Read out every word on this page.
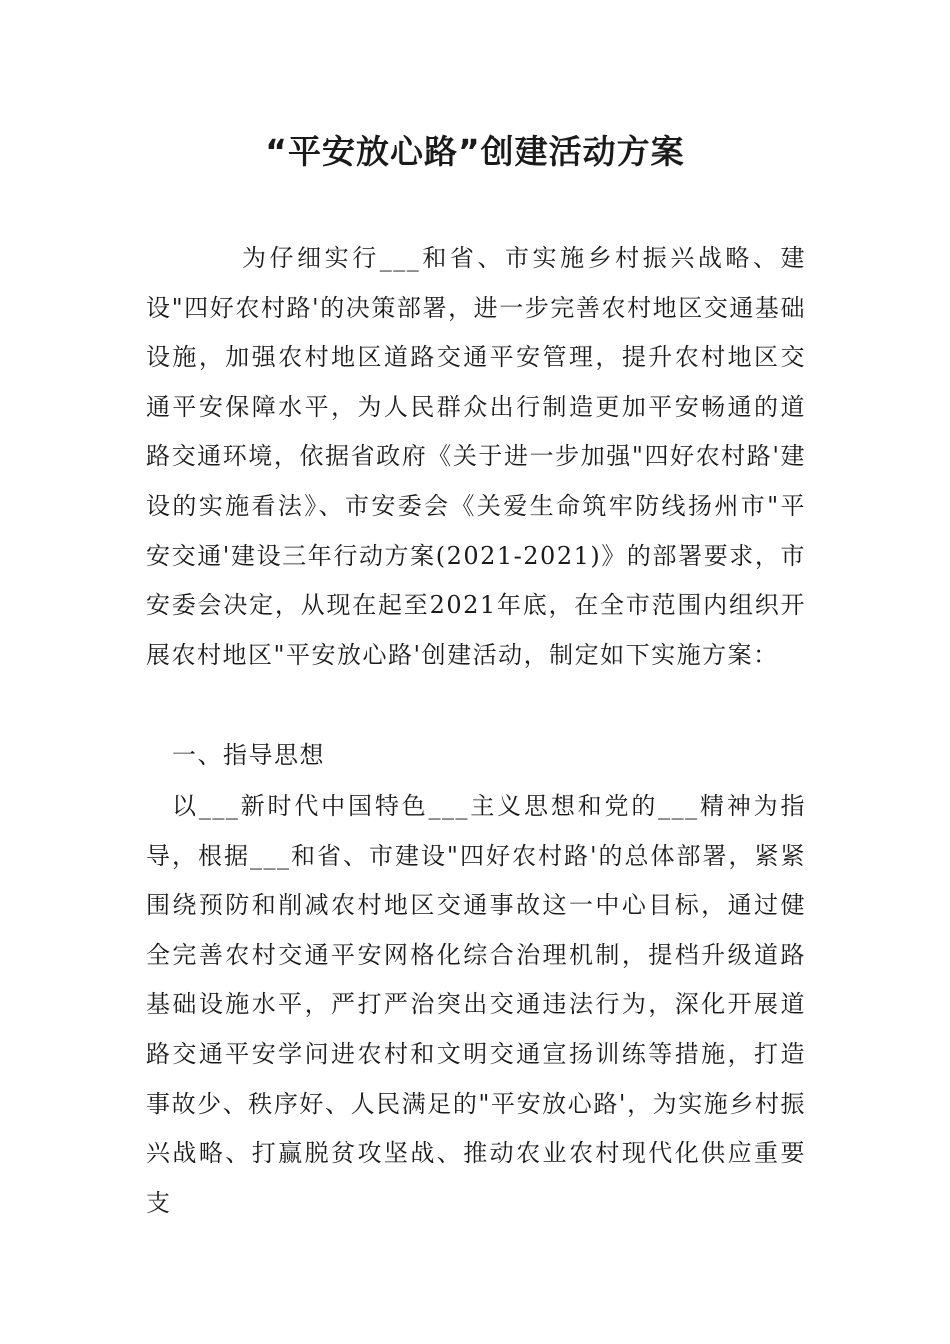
“平安放心路”创建活动方案

为仔细实行___和省、市实施乡村振兴战略、建设"四好农村路'的决策部署，进一步完善农村地区交通基础设施，加强农村地区道路交通平安管理，提升农村地区交通平安保障水平，为人民群众出行制造更加平安畅通的道路交通环境，依据省政府《关于进一步加强"四好农村路'建设的实施看法》、市安委会《关爱生命筑牢防线扬州市"平安交通'建设三年行动方案(2021-2021)》的部署要求，市安委会决定，从现在起至2021年底，在全市范围内组织开展农村地区"平安放心路'创建活动，制定如下实施方案：

一、指导思想

以___新时代中国特色___主义思想和党的___精神为指导，根据___和省、市建设"四好农村路'的总体部署，紧紧围绕预防和削减农村地区交通事故这一中心目标，通过健全完善农村交通平安网格化综合治理机制，提档升级道路基础设施水平，严打严治突出交通违法行为，深化开展道路交通平安学问进农村和文明交通宣扬训练等措施，打造事故少、秩序好、人民满足的"平安放心路'，为实施乡村振兴战略、打赢脱贫攻坚战、推动农业农村现代化供应重要支
